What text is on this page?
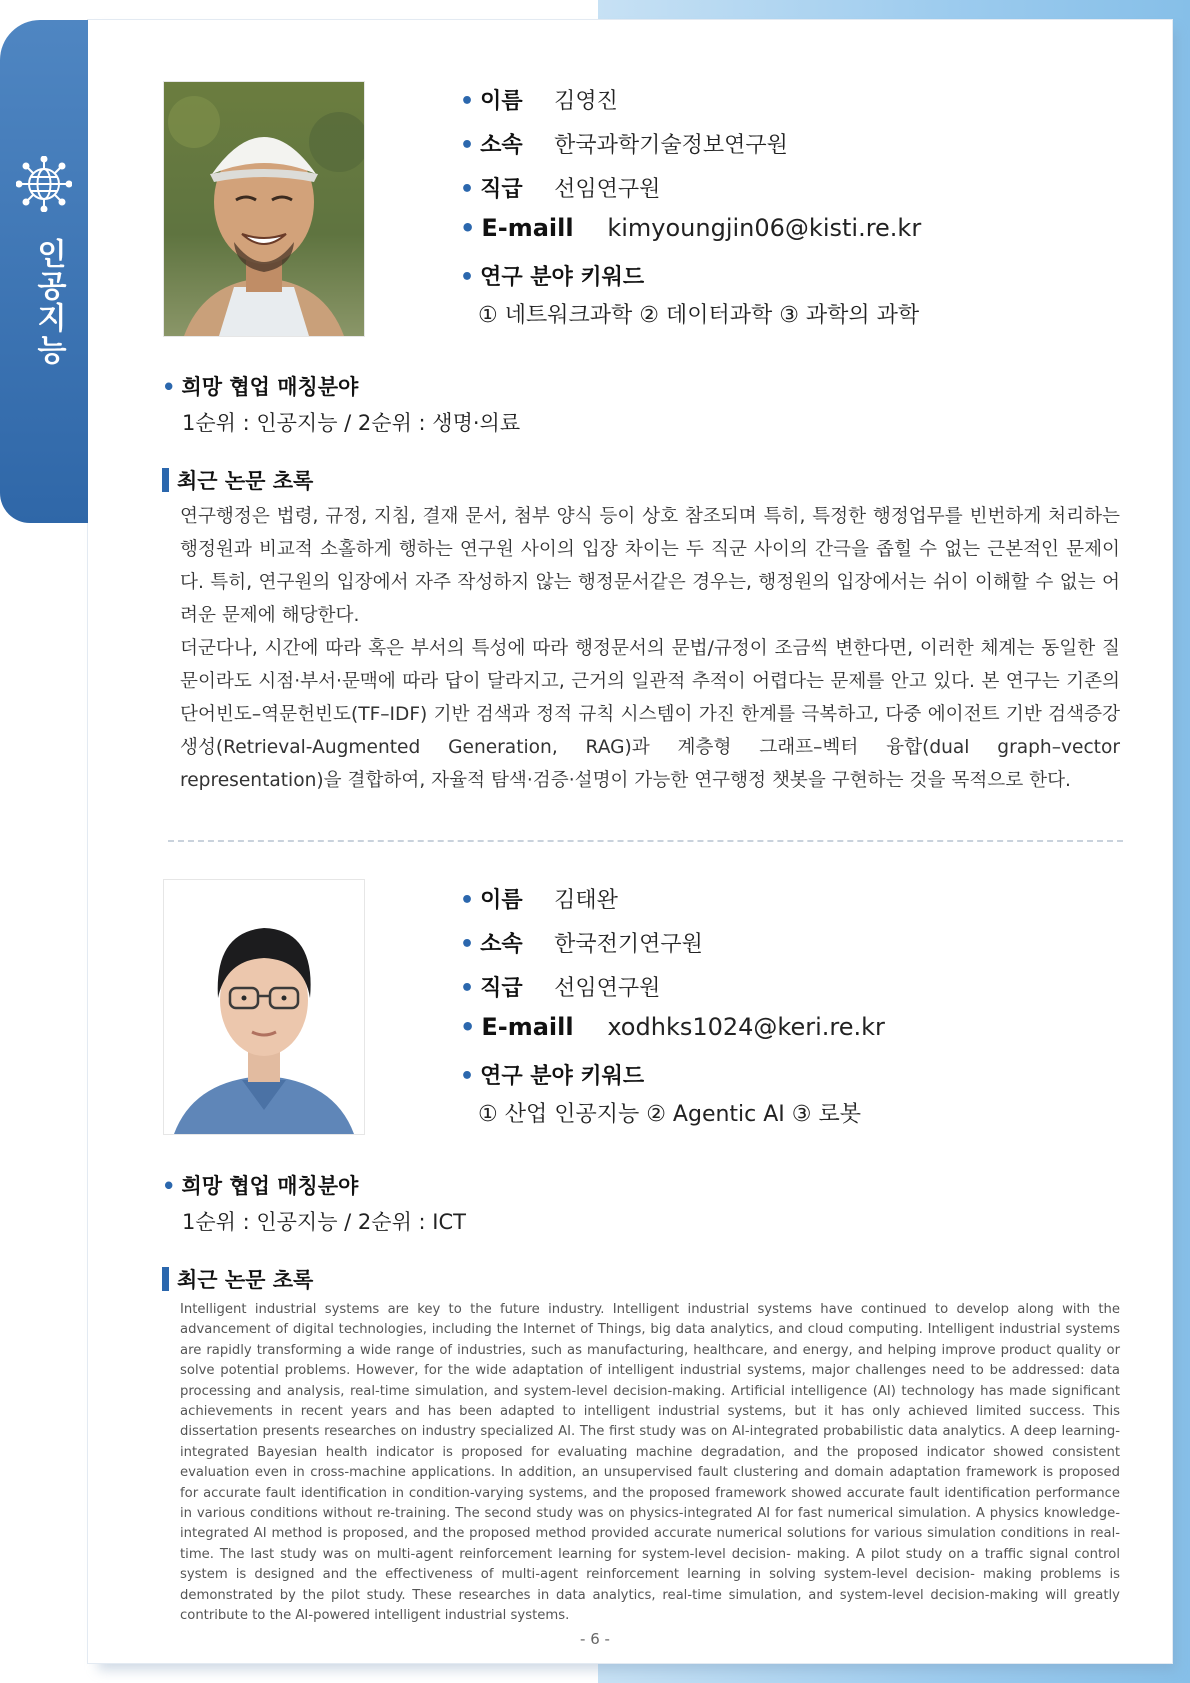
인공지능
• 이름 김영진
• 소속 한국과학기술정보연구원
• 직급 선임연구원
• E-maill kimyoungjin06@kisti.re.kr
• 연구 분야 키워드
① 네트워크과학 ② 데이터과학 ③ 과학의 과학
• 희망 협업 매칭분야
1순위 : 인공지능 / 2순위 : 생명·의료
최근 논문 초록

연구행정은 법령, 규정, 지침, 결재 문서, 첨부 양식 등이 상호 참조되며 특히, 특정한 행정업무를 빈번하게 처리하는 행정원과 비교적 소홀하게 행하는 연구원 사이의 입장 차이는 두 직군 사이의 간극을 좁힐 수 없는 근본적인 문제이다. 특히, 연구원의 입장에서 자주 작성하지 않는 행정문서같은 경우는, 행정원의 입장에서는 쉬이 이해할 수 없는 어려운 문제에 해당한다.

더군다나, 시간에 따라 혹은 부서의 특성에 따라 행정문서의 문법/규정이 조금씩 변한다면, 이러한 체계는 동일한 질문이라도 시점·부서·문맥에 따라 답이 달라지고, 근거의 일관적 추적이 어렵다는 문제를 안고 있다. 본 연구는 기존의 단어빈도–역문헌빈도(TF–IDF) 기반 검색과 정적 규칙 시스템이 가진 한계를 극복하고, 다중 에이전트 기반 검색증강생성(Retrieval-Augmented Generation, RAG)과 계층형 그래프–벡터 융합(dual graph–vector representation)을 결합하여, 자율적 탐색·검증·설명이 가능한 연구행정 챗봇을 구현하는 것을 목적으로 한다.

• 이름 김태완
• 소속 한국전기연구원
• 직급 선임연구원
• E-maill xodhks1024@keri.re.kr
• 연구 분야 키워드
① 산업 인공지능 ② Agentic AI ③ 로봇
• 희망 협업 매칭분야
1순위 : 인공지능 / 2순위 : ICT
최근 논문 초록
Intelligent industrial systems are key to the future industry. Intelligent industrial systems have continued to develop along with the advancement of digital technologies, including the Internet of Things, big data analytics, and cloud computing. Intelligent industrial systems are rapidly transforming a wide range of industries, such as manufacturing, healthcare, and energy, and helping improve product quality or solve potential problems. However, for the wide adaptation of intelligent industrial systems, major challenges need to be addressed: data processing and analysis, real-time simulation, and system-level decision-making. Artificial intelligence (AI) technology has made significant achievements in recent years and has been adapted to intelligent industrial systems, but it has only achieved limited success. This dissertation presents researches on industry specialized AI. The first study was on AI-integrated probabilistic data analytics. A deep learning-integrated Bayesian health indicator is proposed for evaluating machine degradation, and the proposed indicator showed consistent evaluation even in cross-machine applications. In addition, an unsupervised fault clustering and domain adaptation framework is proposed for accurate fault identification in condition-varying systems, and the proposed framework showed accurate fault identification performance in various conditions without re-training. The second study was on physics-integrated AI for fast numerical simulation. A physics knowledge-integrated AI method is proposed, and the proposed method provided accurate numerical solutions for various simulation conditions in real-time. The last study was on multi-agent reinforcement learning for system-level decision- making. A pilot study on a traffic signal control system is designed and the effectiveness of multi-agent reinforcement learning in solving system-level decision- making problems is demonstrated by the pilot study. These researches in data analytics, real-time simulation, and system-level decision-making will greatly contribute to the AI-powered intelligent industrial systems.
- 6 -
